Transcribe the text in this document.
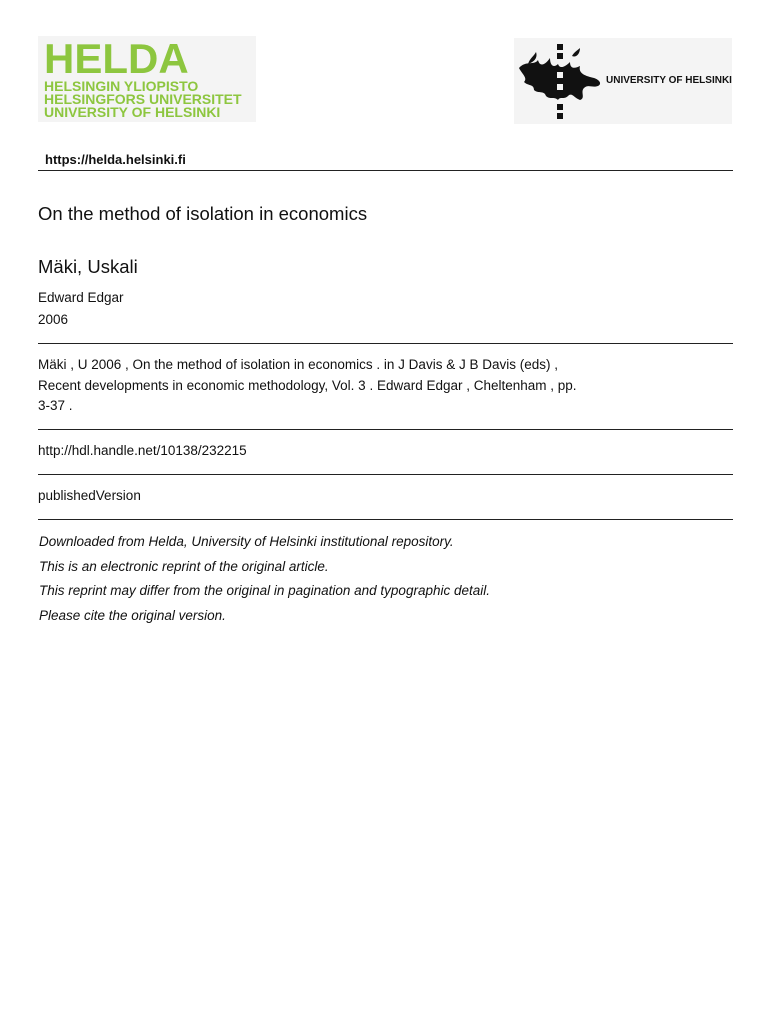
HELDA
HELSINGIN YLIOPISTO
HELSINGFORS UNIVERSITET
UNIVERSITY OF HELSINKI
UNIVERSITY OF HELSINKI
https://helda.helsinki.fi
On the method of isolation in economics
Mäki, Uskali
Edward Edgar
2006
Mäki , U 2006 , On the method of isolation in economics . in J Davis & J B Davis (eds) ,
Recent developments in economic methodology, Vol. 3 . Edward Edgar , Cheltenham , pp.
3-37 .
http://hdl.handle.net/10138/232215
publishedVersion
Downloaded from Helda, University of Helsinki institutional repository.
This is an electronic reprint of the original article.
This reprint may differ from the original in pagination and typographic detail.
Please cite the original version.
